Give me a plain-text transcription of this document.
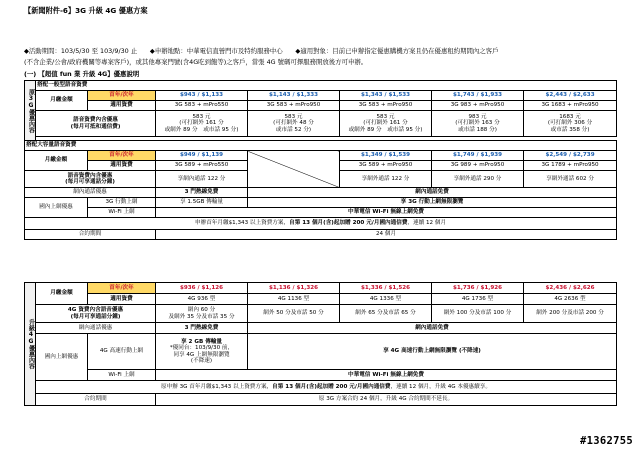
【新聞附件-6】3G 升級 4G 優惠方案
◆活動期間：103/5/30 至 103/9/30 止　　◆申辦地點：中華電信直營門市及特約服務中心　　◆適用對象：目前已申辦指定優惠購機方案且仍在優惠租約期間內之客戶
(不含企業/公會/政府機關等專案客戶)，或其他專案門號(含4G吃到飽等)之客戶，當張 4G 號碼可擇服務開放後方可申辦。
(一) 【超值 fun 業 升級 4G】優惠說明
原3G優惠內容	搭配一般型語音資費						
	月繳金額	首年/次年	$943 / $1,133	$1,143 / $1,333	$1,343 / $1,533	$1,743 / $1,933	$2,443 / $2,633
		適用資費	3G 583 + mPro550	3G 583 + mPro950	3G 583 + mPro950	3G 983 + mPro950	3G 1683 + mPro950

	語音資費內含優惠
(每月可抵和通信費)		583 元
(可打網外 161 分
或網外 89 分　或市話 95 分)	583 元
(可打網外 48 分
或市話 52 分)	583 元
(可打網外 161 分
或網外 89 分　或市話 95 分)	983 元
(可打網外 163 分
或市話 188 分)	1683 元
(可打網外 306 分
或市話 358 分)

搭配大容量語音資費							
月繳金額		首年/次年	$949 / $1,139		$1,349 / $1,539	$1,749 / $1,939	$2,549 / $2,739
		適用資費	3G 589 + mPro550		3G 589 + mPro950	3G 989 + mPro950	3G 1789 + mPro950

語音資費內含優惠
(每月可享通話分鐘)			享網內通話 122 分		享網外通話 122 分	享網外通話 290 分	享網外通話 602 分
網內通話優惠			3 門熱線免費	網內通話免費			
國內上網優惠		3G 行動上網	享 1.5GB 傳輸量	享 3G 行動上網無限瀏覽			
		Wi-Fi 上網	中華電信 Wi-Fi 無線上網免費				
申辦首年月繳$1,343 以上資費方案，自第 13 個月(含)起加贈 200 元/月國內通信費，連續 12 個月							
合約期間			24 個月				
升級4G優惠內容	月繳金額	首年/次年	$936 / $1,126	$1,136 / $1,326	$1,336 / $1,526	$1,736 / $1,926	$2,436 / $2,626
		適用資費	4G 936 型	4G 1136 型	4G 1336 型	4G 1736 型	4G 2636 型

	4G 資費內含語音優惠
(每月可享通話分鐘)		網內 60 分
及網外 35 分及市話 35 分	網外 50 分及市話 50 分	網外 65 分及市話 65 分	網外 100 分及市話 100 分	網外 200 分及市話 200 分
	網內通話優惠		3 門熱線免費	網內通話免費			
	國內上網優惠	4G 高速行動上網	享 2 GB 傳輸量
*優同台：103/9/30 前，
同享 4G 上網無限瀏覽
(不降速)	享 4G 高速行動上網無限瀏覽 (不降速)			
		Wi-Fi 上網	中華電信 Wi-Fi 無線上網免費				
	原申辦 3G 首年月繳$1,343 以上資費方案，自第 13 個月(含)起加贈 200 元/月國內通信費，連續 12 個月，升級 4G 本優惠續享。						
	合約期間		原 3G 方案合約 24 個月，升級 4G 合約期間不延長。				
#1362755
